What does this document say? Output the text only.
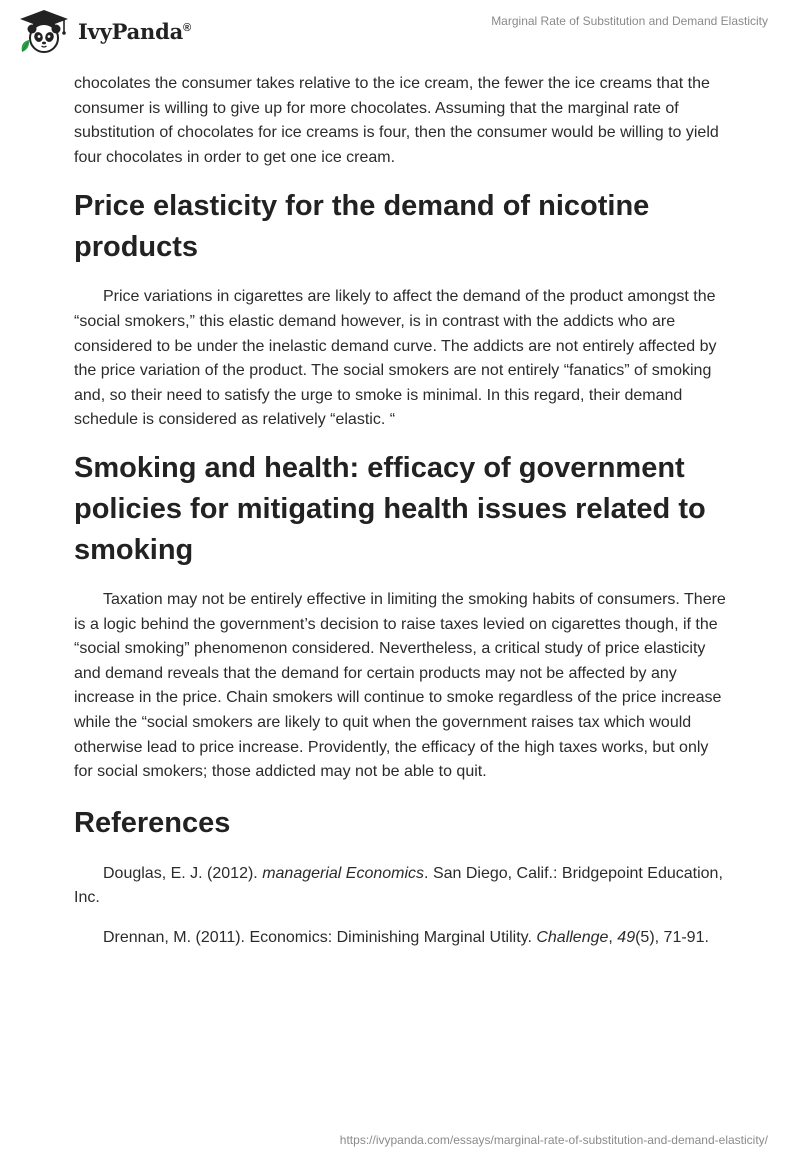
IvyPanda®	Marginal Rate of Substitution and Demand Elasticity

chocolates the consumer takes relative to the ice cream, the fewer the ice creams that the consumer is willing to give up for more chocolates. Assuming that the marginal rate of substitution of chocolates for ice creams is four, then the consumer would be willing to yield four chocolates in order to get one ice cream.

Price elasticity for the demand of nicotine products

Price variations in cigarettes are likely to affect the demand of the product amongst the “social smokers,” this elastic demand however, is in contrast with the addicts who are considered to be under the inelastic demand curve. The addicts are not entirely affected by the price variation of the product. The social smokers are not entirely “fanatics” of smoking and, so their need to satisfy the urge to smoke is minimal. In this regard, their demand schedule is considered as relatively “elastic. “

Smoking and health: efficacy of government policies for mitigating health issues related to smoking

Taxation may not be entirely effective in limiting the smoking habits of consumers. There is a logic behind the government’s decision to raise taxes levied on cigarettes though, if the “social smoking” phenomenon considered. Nevertheless, a critical study of price elasticity and demand reveals that the demand for certain products may not be affected by any increase in the price. Chain smokers will continue to smoke regardless of the price increase while the “social smokers are likely to quit when the government raises tax which would otherwise lead to price increase. Providently, the efficacy of the high taxes works, but only for social smokers; those addicted may not be able to quit.

References

Douglas, E. J. (2012). managerial Economics. San Diego, Calif.: Bridgepoint Education, Inc.

Drennan, M. (2011). Economics: Diminishing Marginal Utility. Challenge, 49(5), 71-91.

https://ivypanda.com/essays/marginal-rate-of-substitution-and-demand-elasticity/
